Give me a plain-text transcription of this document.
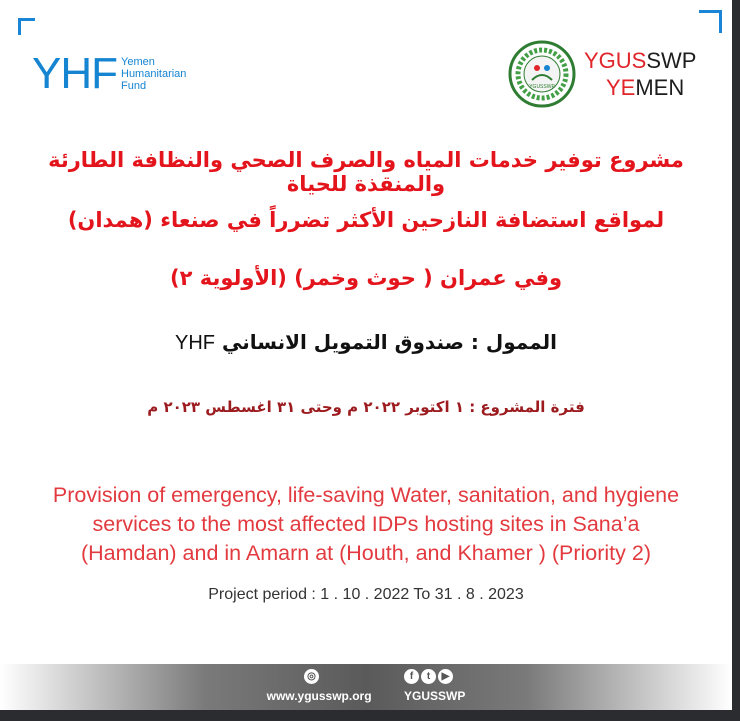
YHF Yemen
Humanitarian
Fund	YGUSSWP
YGUSSWP
YEMEN
مشروع توفير خدمات المياه والصرف الصحي والنظافة الطارئة والمنقذة للحياة
لمواقع استضافة النازحين الأكثر تضرراً في صنعاء (همدان)
وفي عمران ( حوث وخمر) (الأولوية ٢)
الممول : صندوق التمويل الانساني YHF
فترة المشروع : ١ اكتوبر ٢٠٢٢ م وحتى ٣١ اغسطس ٢٠٢٣ م
Provision of emergency, life-saving Water, sanitation, and hygiene
services to the most affected IDPs hosting sites in Sana’a
(Hamdan) and in Amarn at (Houth, and Khamer ) (Priority 2)
Project period : 1 . 10 . 2022 To 31 . 8 . 2023
◎	f	t	▶
www.ygusswp.org	YGUSSWP
